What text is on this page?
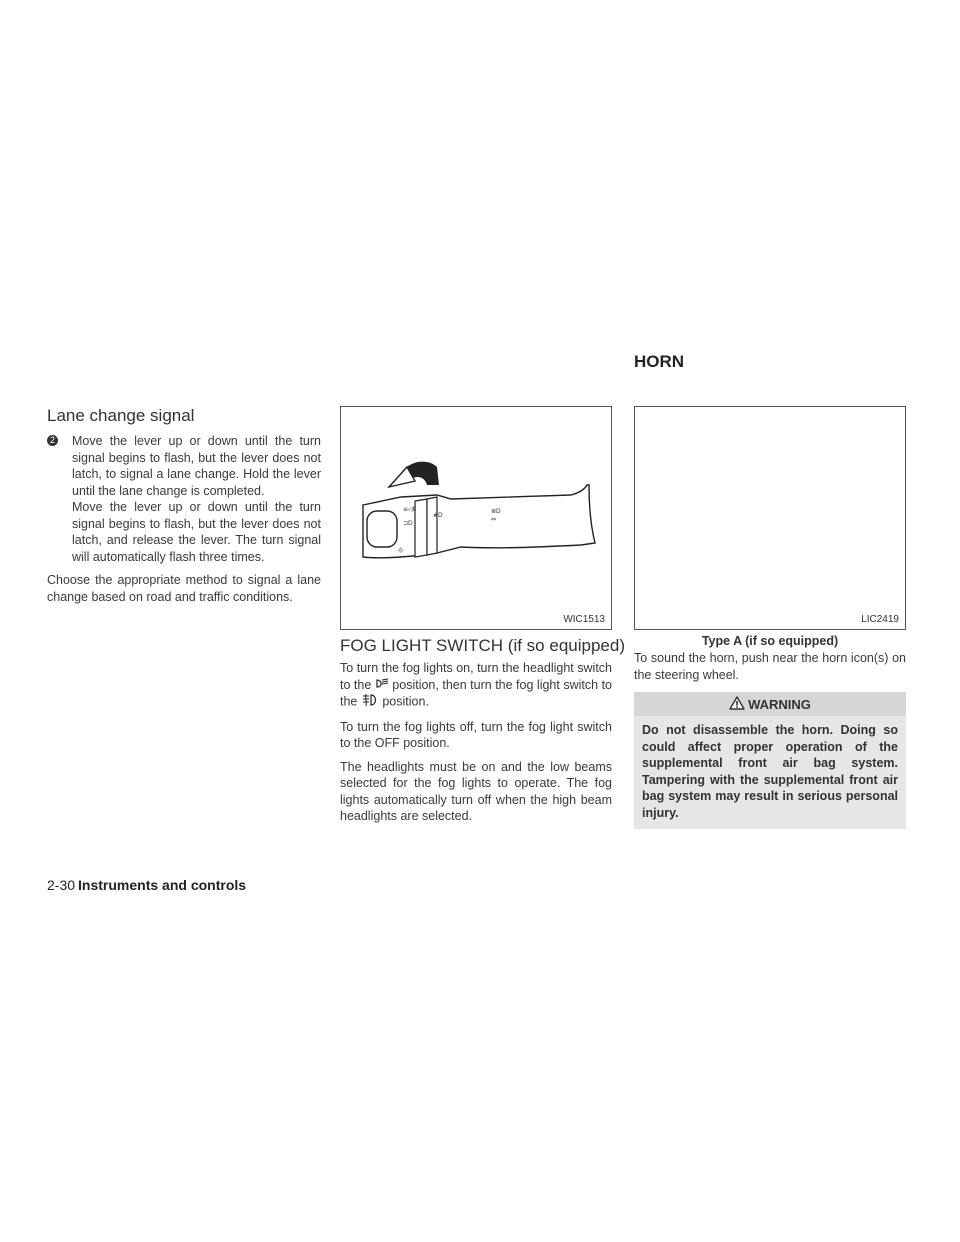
HORN
Lane change signal
2 Move the lever up or down until the turn signal begins to flash, but the lever does not latch, to signal a lane change. Hold the lever until the lane change is completed.
Move the lever up or down until the turn signal begins to flash, but the lever does not latch, and release the lever. The turn signal will automatically flash three times.

Choose the appropriate method to signal a lane change based on road and traffic conditions.

≡◁E
⊐D
#D
≣D
⇔
☼
WIC1513
FOG LIGHT SWITCH (if so equipped)

To turn the fog lights on, turn the headlight switch to the position, then turn the fog light switch to the position.

To turn the fog lights off, turn the fog light switch to the OFF position.

The headlights must be on and the low beams selected for the fog lights to operate. The fog lights automatically turn off when the high beam headlights are selected.

LIC2419
Type A (if so equipped)
To sound the horn, push near the horn icon(s) on the steering wheel.
WARNING
Do not disassemble the horn. Doing so could affect proper operation of the supplemental front air bag system. Tampering with the supplemental front air bag system may result in serious personal injury.
2-30 Instruments and controls
